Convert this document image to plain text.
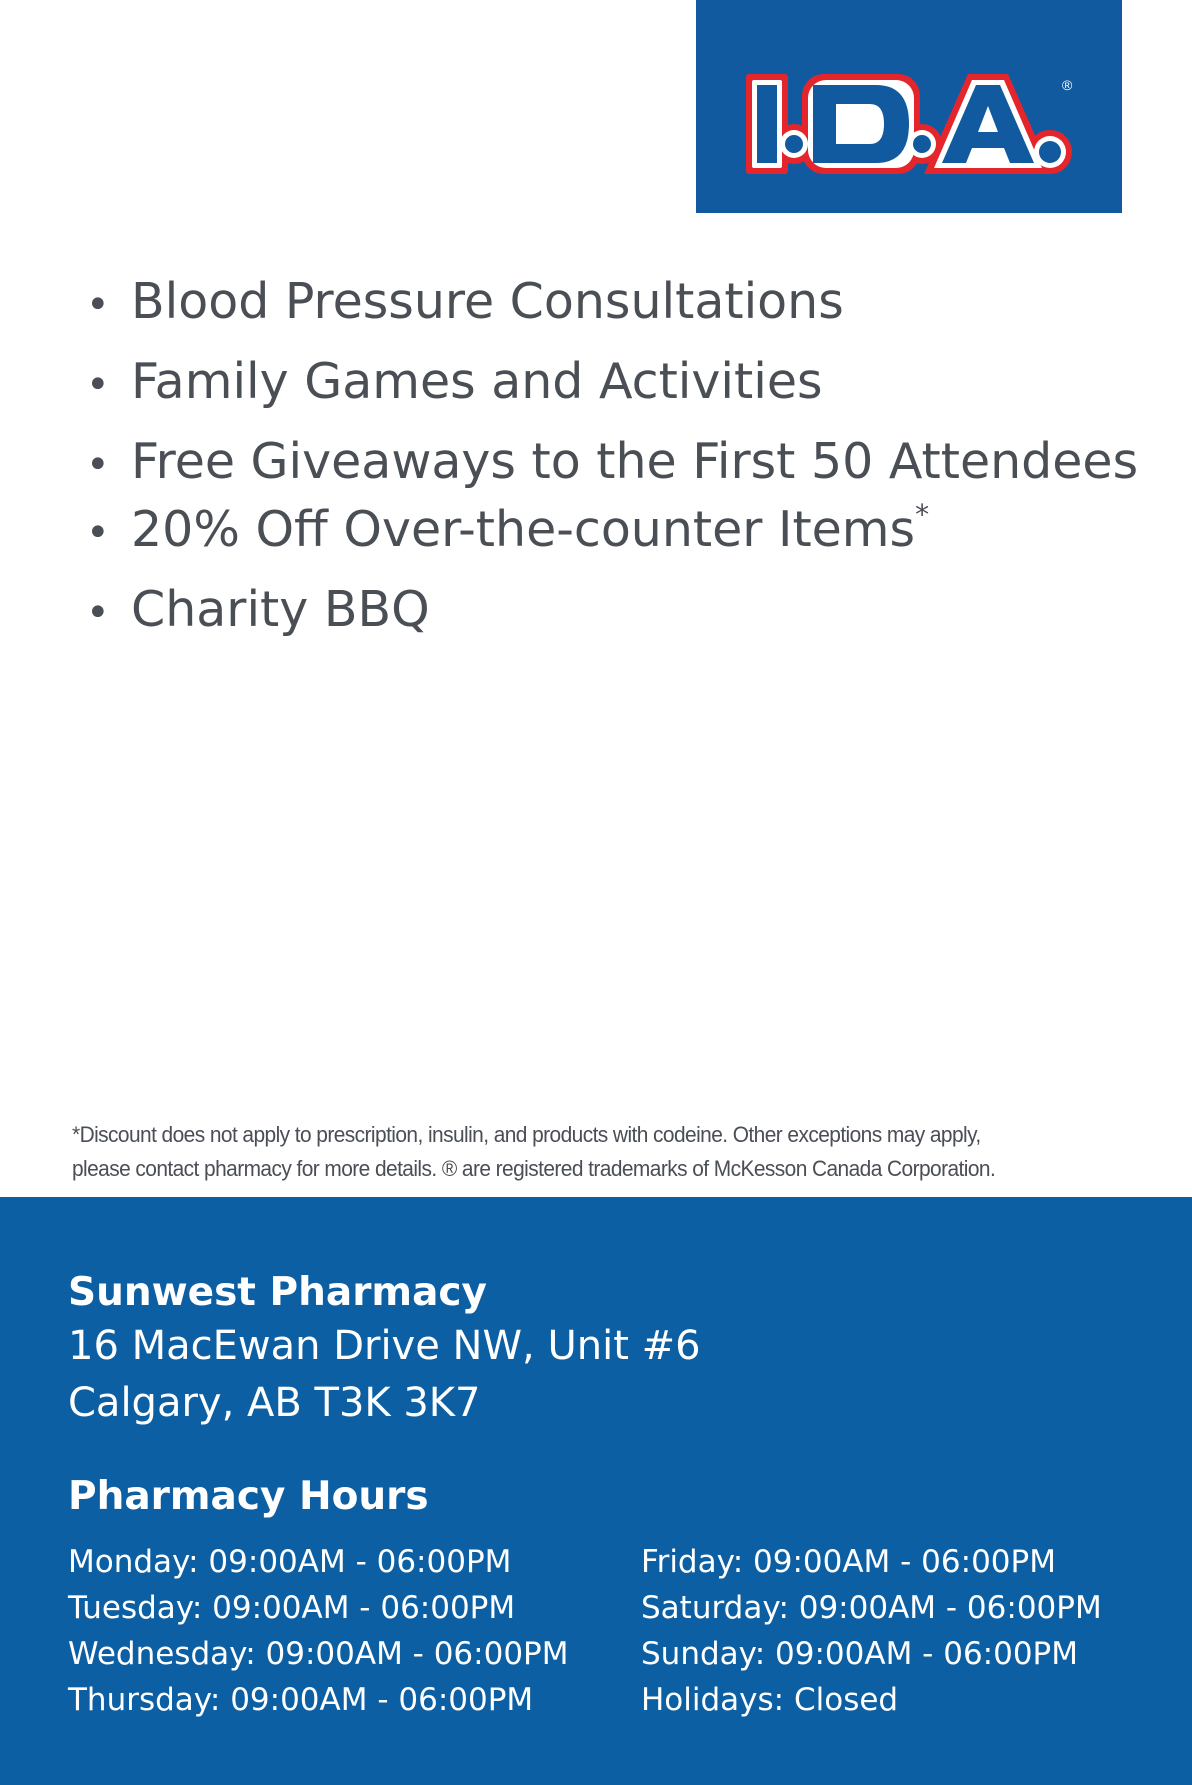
®
• Blood Pressure Consultations
• Family Games and Activities
• Free Giveaways to the First 50 Attendees
• 20% Off Over-the-counter Items*
• Charity BBQ
*Discount does not apply to prescription, insulin, and products with codeine. Other exceptions may apply,
please contact pharmacy for more details. ® are registered trademarks of McKesson Canada Corporation.
Sunwest Pharmacy
16 MacEwan Drive NW, Unit #6
Calgary, AB T3K 3K7
Pharmacy Hours
Monday: 09:00AM - 06:00PM
Tuesday: 09:00AM - 06:00PM
Wednesday: 09:00AM - 06:00PM
Thursday: 09:00AM - 06:00PM
Friday: 09:00AM - 06:00PM
Saturday: 09:00AM - 06:00PM
Sunday: 09:00AM - 06:00PM
Holidays: Closed
